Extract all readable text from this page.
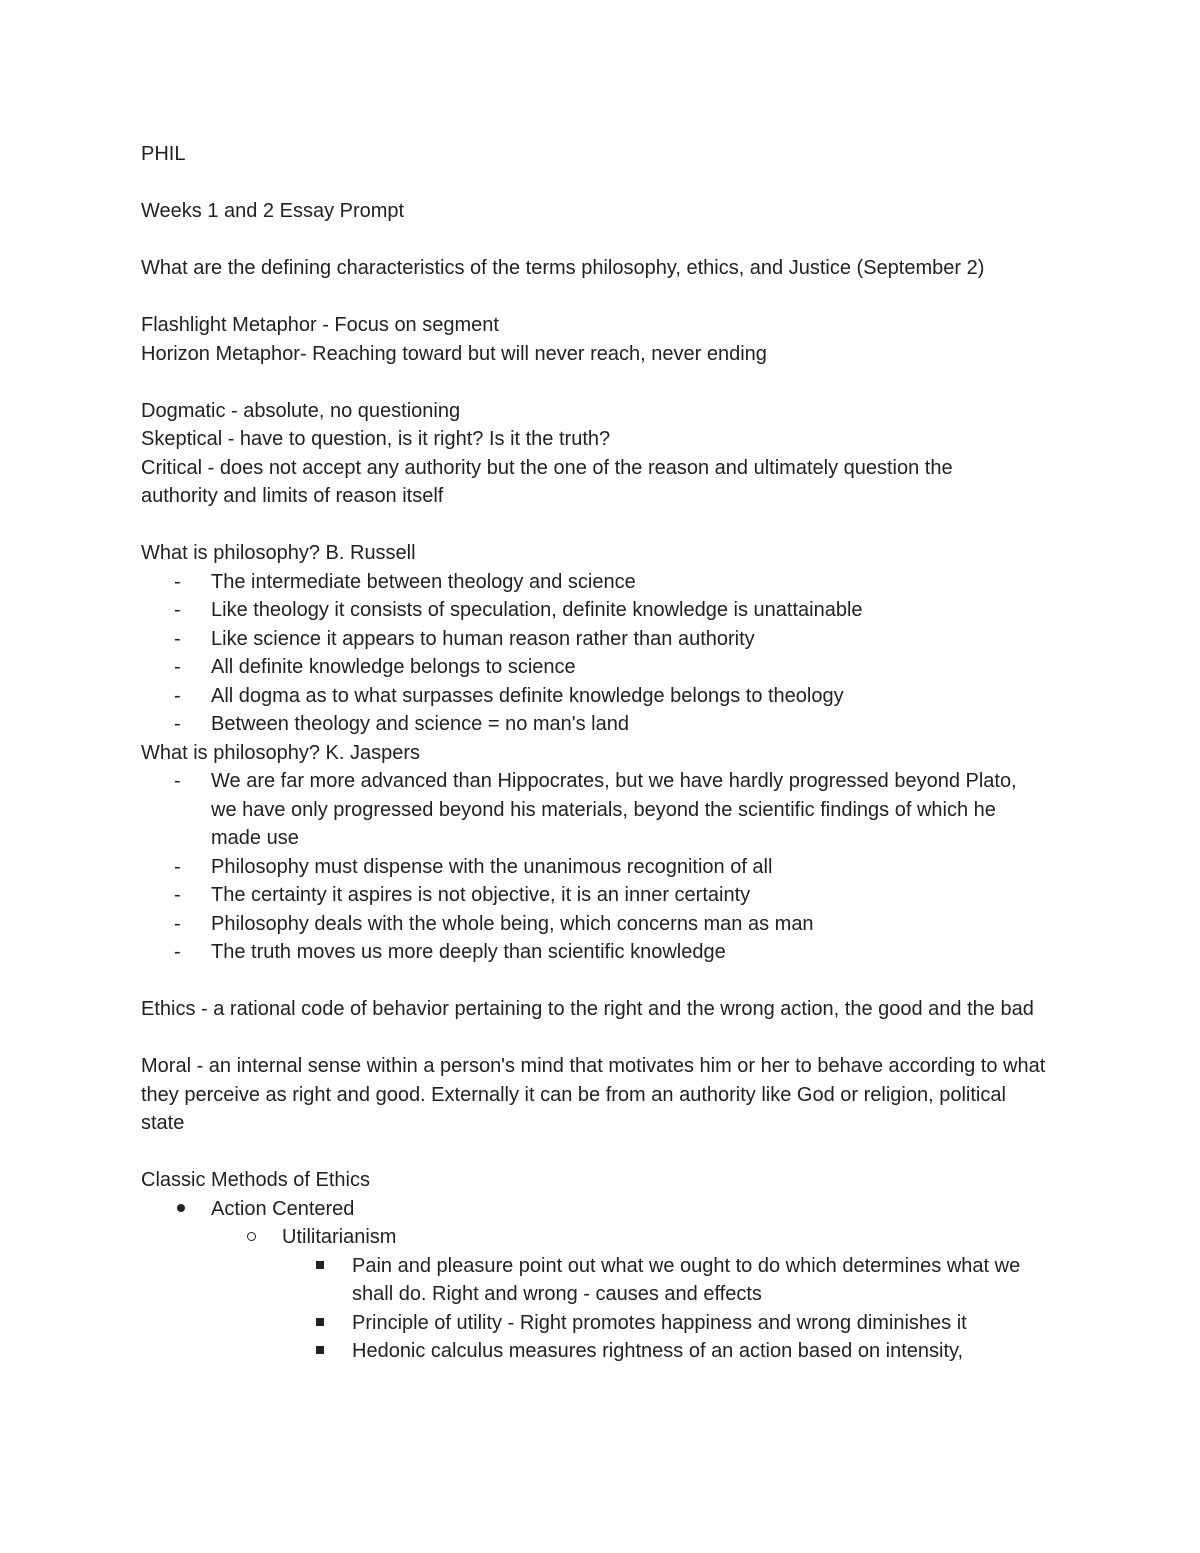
PHIL
Weeks 1 and 2 Essay Prompt
What are the defining characteristics of the terms philosophy, ethics, and Justice (September 2)
Flashlight Metaphor - Focus on segment
Horizon Metaphor- Reaching toward but will never reach, never ending
Dogmatic - absolute, no questioning
Skeptical - have to question, is it right? Is it the truth?
Critical - does not accept any authority but the one of the reason and ultimately question the authority and limits of reason itself
What is philosophy? B. Russell
- The intermediate between theology and science
- Like theology it consists of speculation, definite knowledge is unattainable
- Like science it appears to human reason rather than authority
- All definite knowledge belongs to science
- All dogma as to what surpasses definite knowledge belongs to theology
- Between theology and science = no man's land
What is philosophy? K. Jaspers
- We are far more advanced than Hippocrates, but we have hardly progressed beyond Plato, we have only progressed beyond his materials, beyond the scientific findings of which he made use
- Philosophy must dispense with the unanimous recognition of all
- The certainty it aspires is not objective, it is an inner certainty
- Philosophy deals with the whole being, which concerns man as man
- The truth moves us more deeply than scientific knowledge
Ethics - a rational code of behavior pertaining to the right and the wrong action, the good and the bad
Moral - an internal sense within a person's mind that motivates him or her to behave according to what they perceive as right and good. Externally it can be from an authority like God or religion, political state
Classic Methods of Ethics
Action Centered
Utilitarianism
Pain and pleasure point out what we ought to do which determines what we shall do. Right and wrong - causes and effects
Principle of utility - Right promotes happiness and wrong diminishes it
Hedonic calculus measures rightness of an action based on intensity,
